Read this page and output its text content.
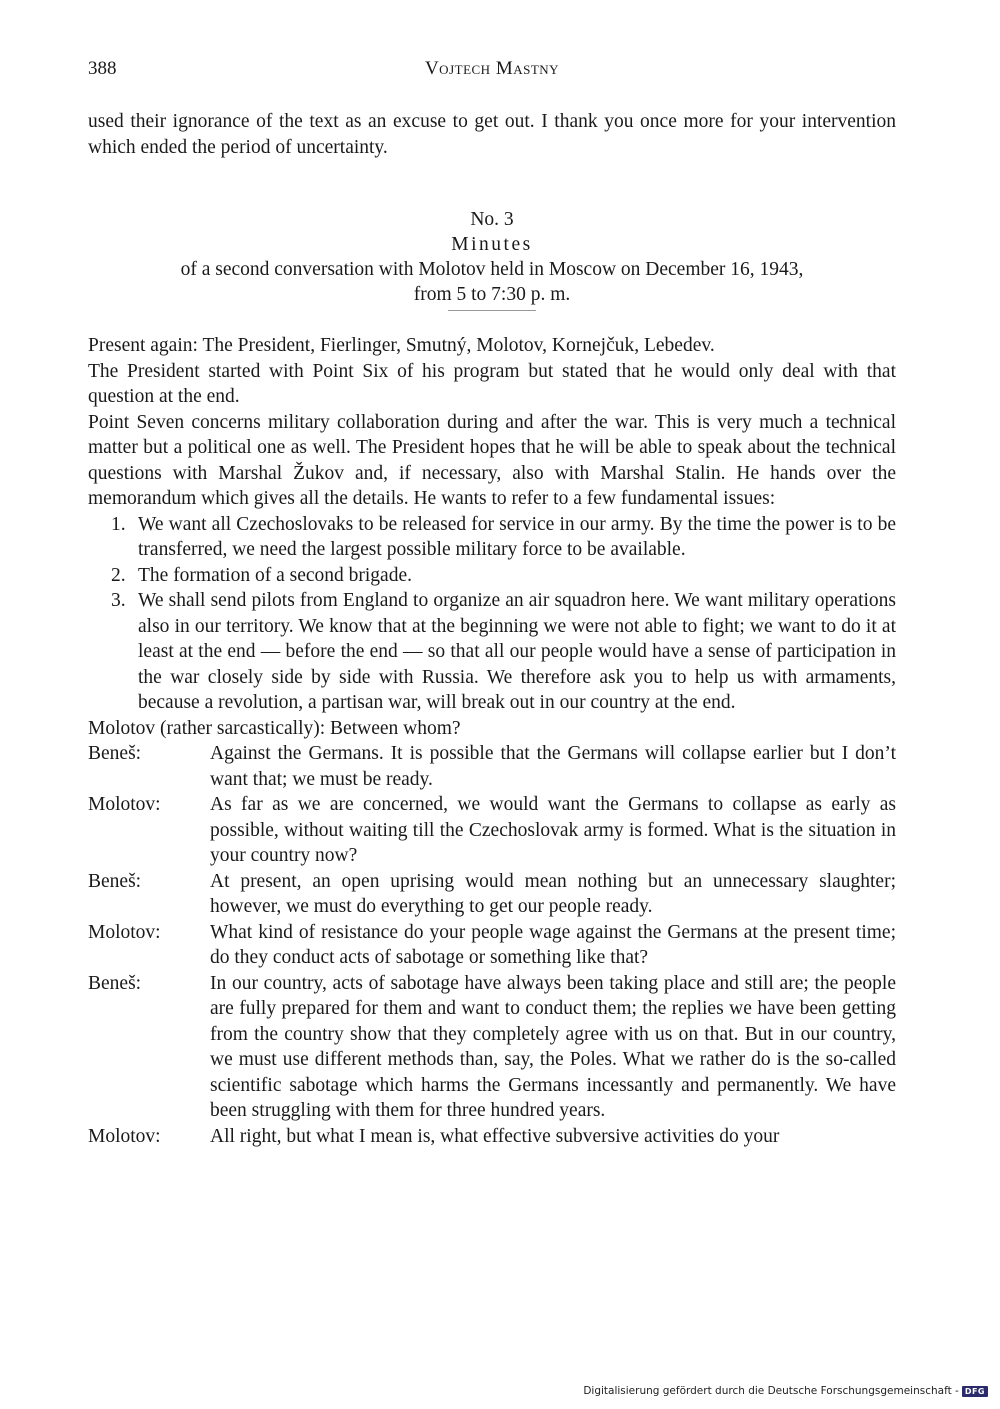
388	Vojtech Mastny

used their ignorance of the text as an excuse to get out. I thank you once more for your intervention which ended the period of uncertainty.

No. 3
Minutes
of a second conversation with Molotov held in Moscow on December 16, 1943,
from 5 to 7:30 p. m.

Present again: The President, Fierlinger, Smutný, Molotov, Kornejčuk, Lebedev.

The President started with Point Six of his program but stated that he would only deal with that question at the end.

Point Seven concerns military collaboration during and after the war. This is very much a technical matter but a political one as well. The President hopes that he will be able to speak about the technical questions with Marshal Žukov and, if necessary, also with Marshal Stalin. He hands over the memorandum which gives all the details. He wants to refer to a few fundamental issues:

1. We want all Czechoslovaks to be released for service in our army. By the time the power is to be transferred, we need the largest possible military force to be available.
2. The formation of a second brigade.
3. We shall send pilots from England to organize an air squadron here. We want military operations also in our territory. We know that at the beginning we were not able to fight; we want to do it at least at the end — before the end — so that all our people would have a sense of participation in the war closely side by side with Russia. We therefore ask you to help us with armaments, because a revolution, a partisan war, will break out in our country at the end.

Molotov (rather sarcastically): Between whom?

Beneš:	Against the Germans. It is possible that the Germans will collapse earlier but I don’t want that; we must be ready.
Molotov:	As far as we are concerned, we would want the Germans to collapse as early as possible, without waiting till the Czechoslovak army is formed. What is the situation in your country now?
Beneš:	At present, an open uprising would mean nothing but an unnecessary slaughter; however, we must do everything to get our people ready.
Molotov:	What kind of resistance do your people wage against the Germans at the present time; do they conduct acts of sabotage or something like that?
Beneš:	In our country, acts of sabotage have always been taking place and still are; the people are fully prepared for them and want to conduct them; the replies we have been getting from the country show that they completely agree with us on that. But in our country, we must use different methods than, say, the Poles. What we rather do is the so-called scientific sabotage which harms the Germans incessantly and permanently. We have been struggling with them for three hundred years.
Molotov:	All right, but what I mean is, what effective subversive activities do your
Digitalisierung gefördert durch die Deutsche Forschungsgemeinschaft - DFG
